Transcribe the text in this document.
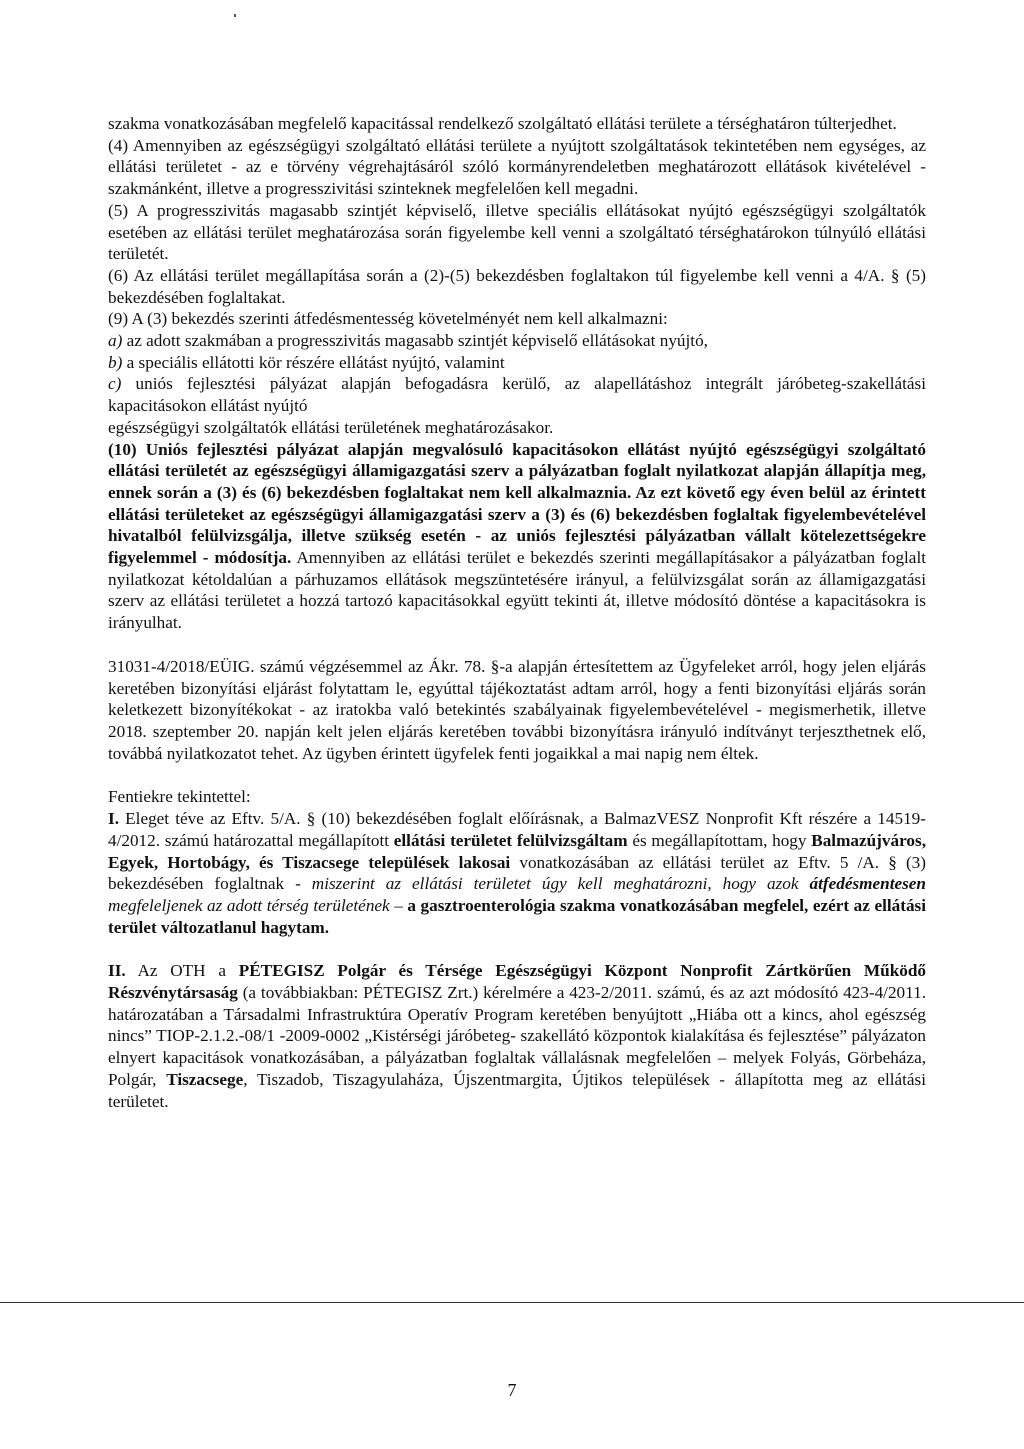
szakma vonatkozásában megfelelő kapacitással rendelkező szolgáltató ellátási területe a térséghatáron túlterjedhet.

(4) Amennyiben az egészségügyi szolgáltató ellátási területe a nyújtott szolgáltatások tekintetében nem egységes, az ellátási területet - az e törvény végrehajtásáról szóló kormányrendeletben meghatározott ellátások kivételével - szakmánként, illetve a progresszivitási szinteknek megfelelően kell megadni.

(5) A progresszivitás magasabb szintjét képviselő, illetve speciális ellátásokat nyújtó egészségügyi szolgáltatók esetében az ellátási terület meghatározása során figyelembe kell venni a szolgáltató térséghatárokon túlnyúló ellátási területét.

(6) Az ellátási terület megállapítása során a (2)-(5) bekezdésben foglaltakon túl figyelembe kell venni a 4/A. § (5) bekezdésében foglaltakat.

(9) A (3) bekezdés szerinti átfedésmentesség követelményét nem kell alkalmazni:

a) az adott szakmában a progresszivitás magasabb szintjét képviselő ellátásokat nyújtó,

b) a speciális ellátotti kör részére ellátást nyújtó, valamint

c) uniós fejlesztési pályázat alapján befogadásra kerülő, az alapellátáshoz integrált járóbeteg-szakellátási kapacitásokon ellátást nyújtó

egészségügyi szolgáltatók ellátási területének meghatározásakor.

(10) Uniós fejlesztési pályázat alapján megvalósuló kapacitásokon ellátást nyújtó egészségügyi szolgáltató ellátási területét az egészségügyi államigazgatási szerv a pályázatban foglalt nyilatkozat alapján állapítja meg, ennek során a (3) és (6) bekezdésben foglaltakat nem kell alkalmaznia. Az ezt követő egy éven belül az érintett ellátási területeket az egészségügyi államigazgatási szerv a (3) és (6) bekezdésben foglaltak figyelembevételével hivatalból felülvizsgálja, illetve szükség esetén - az uniós fejlesztési pályázatban vállalt kötelezettségekre figyelemmel - módosítja. Amennyiben az ellátási terület e bekezdés szerinti megállapításakor a pályázatban foglalt nyilatkozat kétoldalúan a párhuzamos ellátások megszüntetésére irányul, a felülvizsgálat során az államigazgatási szerv az ellátási területet a hozzá tartozó kapacitásokkal együtt tekinti át, illetve módosító döntése a kapacitásokra is irányulhat.

31031-4/2018/EÜIG. számú végzésemmel az Ákr. 78. §-a alapján értesítettem az Ügyfeleket arról, hogy jelen eljárás keretében bizonyítási eljárást folytattam le, egyúttal tájékoztatást adtam arról, hogy a fenti bizonyítási eljárás során keletkezett bizonyítékokat - az iratokba való betekintés szabályainak figyelembevételével - megismerhetik, illetve 2018. szeptember 20. napján kelt jelen eljárás keretében további bizonyításra irányuló indítványt terjeszthetnek elő, továbbá nyilatkozatot tehet. Az ügyben érintett ügyfelek fenti jogaikkal a mai napig nem éltek.

Fentiekre tekintettel:

I. Eleget téve az Eftv. 5/A. § (10) bekezdésében foglalt előírásnak, a BalmazVESZ Nonprofit Kft részére a 14519-4/2012. számú határozattal megállapított ellátási területet felülvizsgáltam és megállapítottam, hogy Balmazújváros, Egyek, Hortobágy, és Tiszacsege települések lakosai vonatkozásában az ellátási terület az Eftv. 5 /A. § (3) bekezdésében foglaltnak - miszerint az ellátási területet úgy kell meghatározni, hogy azok átfedésmentesen megfeleljenek az adott térség területének – a gasztroenterológia szakma vonatkozásában megfelel, ezért az ellátási terület változatlanul hagytam.

II. Az OTH a PÉTEGISZ Polgár és Térsége Egészségügyi Központ Nonprofit Zártkörűen Működő Részvénytársaság (a továbbiakban: PÉTEGISZ Zrt.) kérelmére a 423-2/2011. számú, és az azt módosító 423-4/2011. határozatában a Társadalmi Infrastruktúra Operatív Program keretében benyújtott „Hiába ott a kincs, ahol egészség nincs” TIOP-2.1.2.-08/1 -2009-0002 „Kistérségi járóbeteg- szakellátó központok kialakítása és fejlesztése” pályázaton elnyert kapacitások vonatkozásában, a pályázatban foglaltak vállalásnak megfelelően – melyek Folyás, Görbeháza, Polgár, Tiszacsege, Tiszadob, Tiszagyulaháza, Újszentmargita, Újtikos települések - állapította meg az ellátási területet.

7
